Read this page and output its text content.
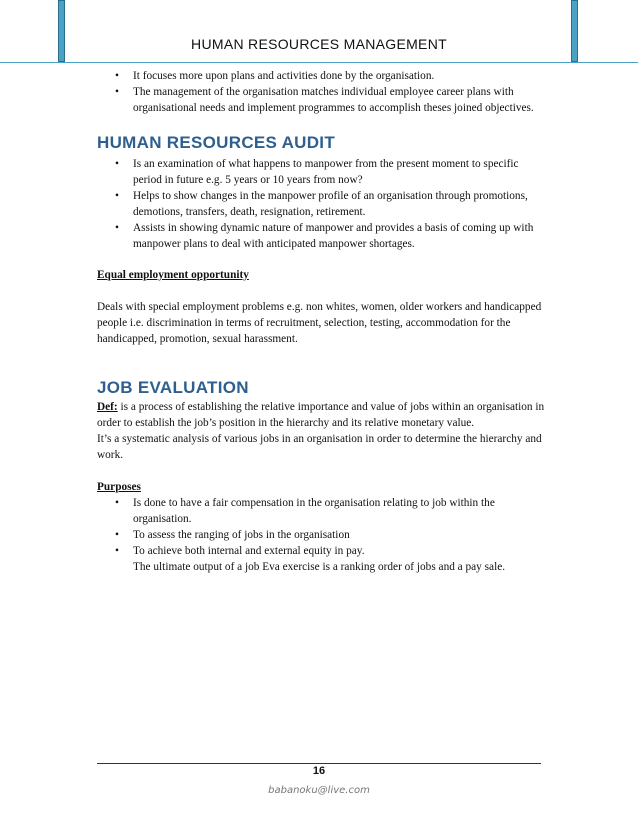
HUMAN RESOURCES MANAGEMENT
• It focuses more upon plans and activities done by the organisation.
• The management of the organisation matches individual employee career plans with organisational needs and implement programmes to accomplish theses joined objectives.
HUMAN RESOURCES AUDIT
• Is an examination of what happens to manpower from the present moment to specific period in future e.g. 5 years or 10 years from now?
• Helps to show changes in the manpower profile of an organisation through promotions, demotions, transfers, death, resignation, retirement.
• Assists in showing dynamic nature of manpower and provides a basis of coming up with manpower plans to deal with anticipated manpower shortages.

Equal employment opportunity

Deals with special employment problems e.g. non whites, women, older workers and handicapped people i.e. discrimination in terms of recruitment, selection, testing, accommodation for the handicapped, promotion, sexual harassment.

JOB EVALUATION

Def: is a process of establishing the relative importance and value of jobs within an organisation in order to establish the job’s position in the hierarchy and its relative monetary value.

It’s a systematic analysis of various jobs in an organisation in order to determine the hierarchy and work.

Purposes

• Is done to have a fair compensation in the organisation relating to job within the organisation.
• To assess the ranging of jobs in the organisation
• To achieve both internal and external equity in pay.
The ultimate output of a job Eva exercise is a ranking order of jobs and a pay sale.
16
babanoku@live.com
